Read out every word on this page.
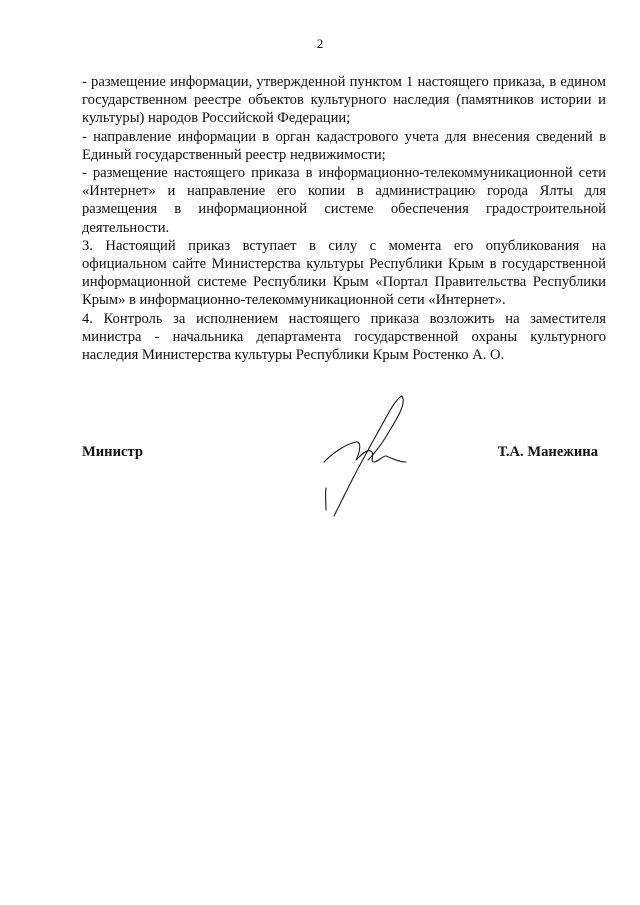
2

- размещение информации, утвержденной пунктом 1 настоящего приказа, в едином государственном реестре объектов культурного наследия (памятников истории и культуры) народов Российской Федерации;

- направление информации в орган кадастрового учета для внесения сведений в Единый государственный реестр недвижимости;

- размещение настоящего приказа в информационно-телекоммуникационной сети «Интернет» и направление его копии в администрацию города Ялты для размещения в информационной системе обеспечения градостроительной деятельности.

3. Настоящий приказ вступает в силу с момента его опубликования на официальном сайте Министерства культуры Республики Крым в государственной информационной системе Республики Крым «Портал Правительства Республики Крым» в информационно-телекоммуникационной сети «Интернет».

4. Контроль за исполнением настоящего приказа возложить на заместителя министра - начальника департамента государственной охраны культурного наследия Министерства культуры Республики Крым Ростенко А. О.

Министр	Т.А. Манежина
